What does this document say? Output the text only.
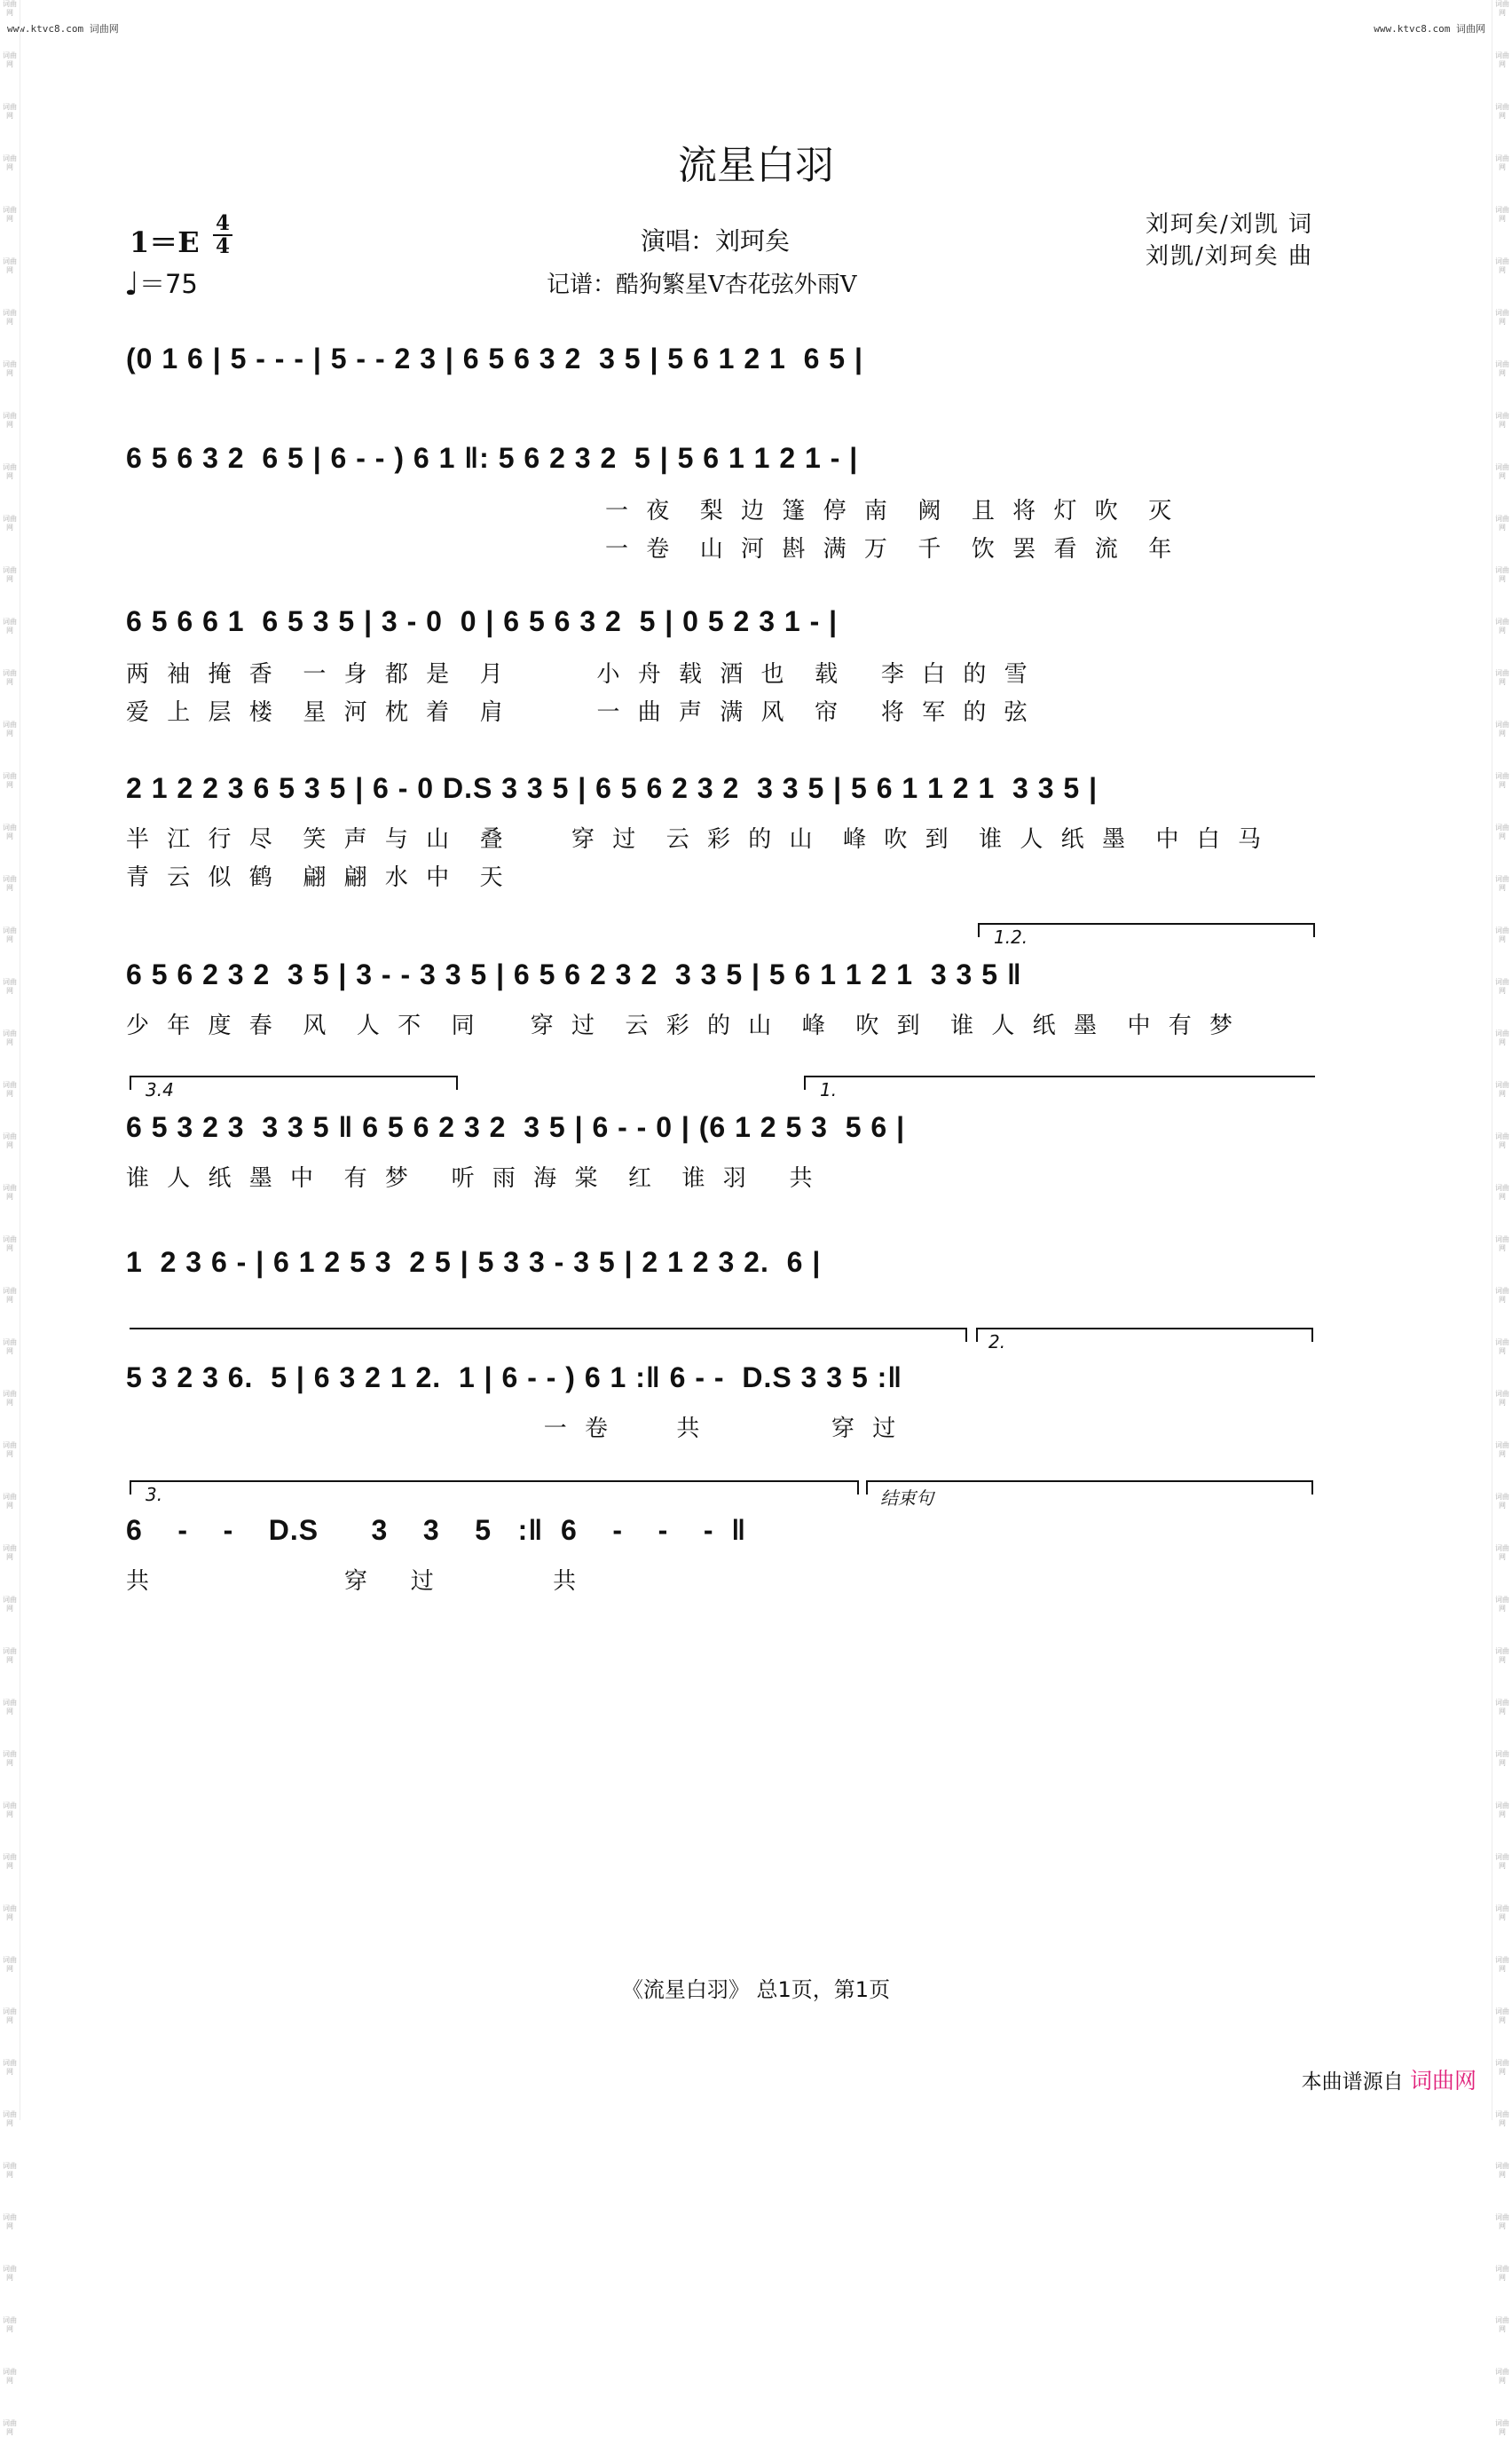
www.ktvc8.com 词曲网	www.ktvc8.com 词曲网
词曲网
词曲网
词曲网
词曲网
词曲网
词曲网
词曲网
词曲网
词曲网
词曲网
词曲网
词曲网
词曲网
词曲网
词曲网
词曲网
词曲网
词曲网
词曲网
词曲网
词曲网
词曲网
词曲网
词曲网
词曲网
词曲网
词曲网
词曲网
词曲网
词曲网
词曲网
词曲网
词曲网
词曲网
词曲网
词曲网
词曲网
词曲网
词曲网
词曲网
词曲网
词曲网
词曲网
词曲网
词曲网
词曲网
词曲网
词曲网
词曲网
词曲网
词曲网
词曲网
词曲网
词曲网
词曲网
词曲网
词曲网
词曲网
词曲网
词曲网
词曲网
词曲网
词曲网
词曲网
词曲网
词曲网
词曲网
词曲网
词曲网
词曲网
词曲网
词曲网
词曲网
词曲网
词曲网
词曲网
词曲网
词曲网
词曲网
词曲网
词曲网
词曲网
词曲网
词曲网
词曲网
词曲网
词曲网
词曲网
词曲网
词曲网
词曲网
词曲网
词曲网
词曲网
词曲网
词曲网
流星白羽
1＝E
4
4
♩＝75
演唱：刘珂矣
记谱：酷狗繁星V杏花弦外雨V
刘珂矣/刘凯 词
刘凯/刘珂矣 曲
(0 1 6 | 5 - - - | 5 - - 2 3 | 6 5 6 3 2  3 5 | 5 6 1 2 1  6 5 |
6 5 6 3 2  6 5 | 6 - - ) 6 1 ‖: 5 6 2 3 2  5 | 5 6 1 1 2 1 - |
一 夜  梨 边 篷 停 南  阙  且 将 灯 吹  灭
一 卷  山 河 斟 满 万  千  饮 罢 看 流  年
6 5 6 6 1  6 5 3 5 | 3 - 0  0 | 6 5 6 3 2  5 | 0 5 2 3 1 - |
两 袖 掩 香  一 身 都 是  月       小 舟 载 酒 也  载   李 白 的 雪
爱 上 层 楼  星 河 枕 着  肩       一 曲 声 满 风  帘   将 军 的 弦
2 1 2 2 3 6 5 3 5 | 6 - 0 D.S 3 3 5 | 6 5 6 2 3 2  3 3 5 | 5 6 1 1 2 1  3 3 5 |
半 江 行 尽  笑 声 与 山  叠     穿 过  云 彩 的 山  峰 吹 到  谁 人 纸 墨  中 白 马
青 云 似 鹤  翩 翩 水 中  天
1.2.
6 5 6 2 3 2  3 5 | 3 - - 3 3 5 | 6 5 6 2 3 2  3 3 5 | 5 6 1 1 2 1  3 3 5 ‖
少 年 度 春  风  人 不  同    穿 过  云 彩 的 山  峰  吹 到  谁 人 纸 墨  中 有 梦
3.4	1.
6 5 3 2 3  3 3 5 ‖ 6 5 6 2 3 2  3 5 | 6 - - 0 | (6 1 2 5 3  5 6 |
谁 人 纸 墨 中  有 梦   听 雨 海 棠  红  谁 羽   共
1  2 3 6 - | 6 1 2 5 3  2 5 | 5 3 3 - 3 5 | 2 1 2 3 2.  6 |
2.
5 3 2 3 6.  5 | 6 3 2 1 2.  1 | 6 - - ) 6 1 :‖ 6 - -  D.S 3 3 5 :‖
一 卷     共          穿 过
3.	结束句
6    -    -    D.S      3    3    5   :‖  6    -    -    -  ‖
共               穿   过         共
《流星白羽》 总1页，第1页
本曲谱源自 词曲网
